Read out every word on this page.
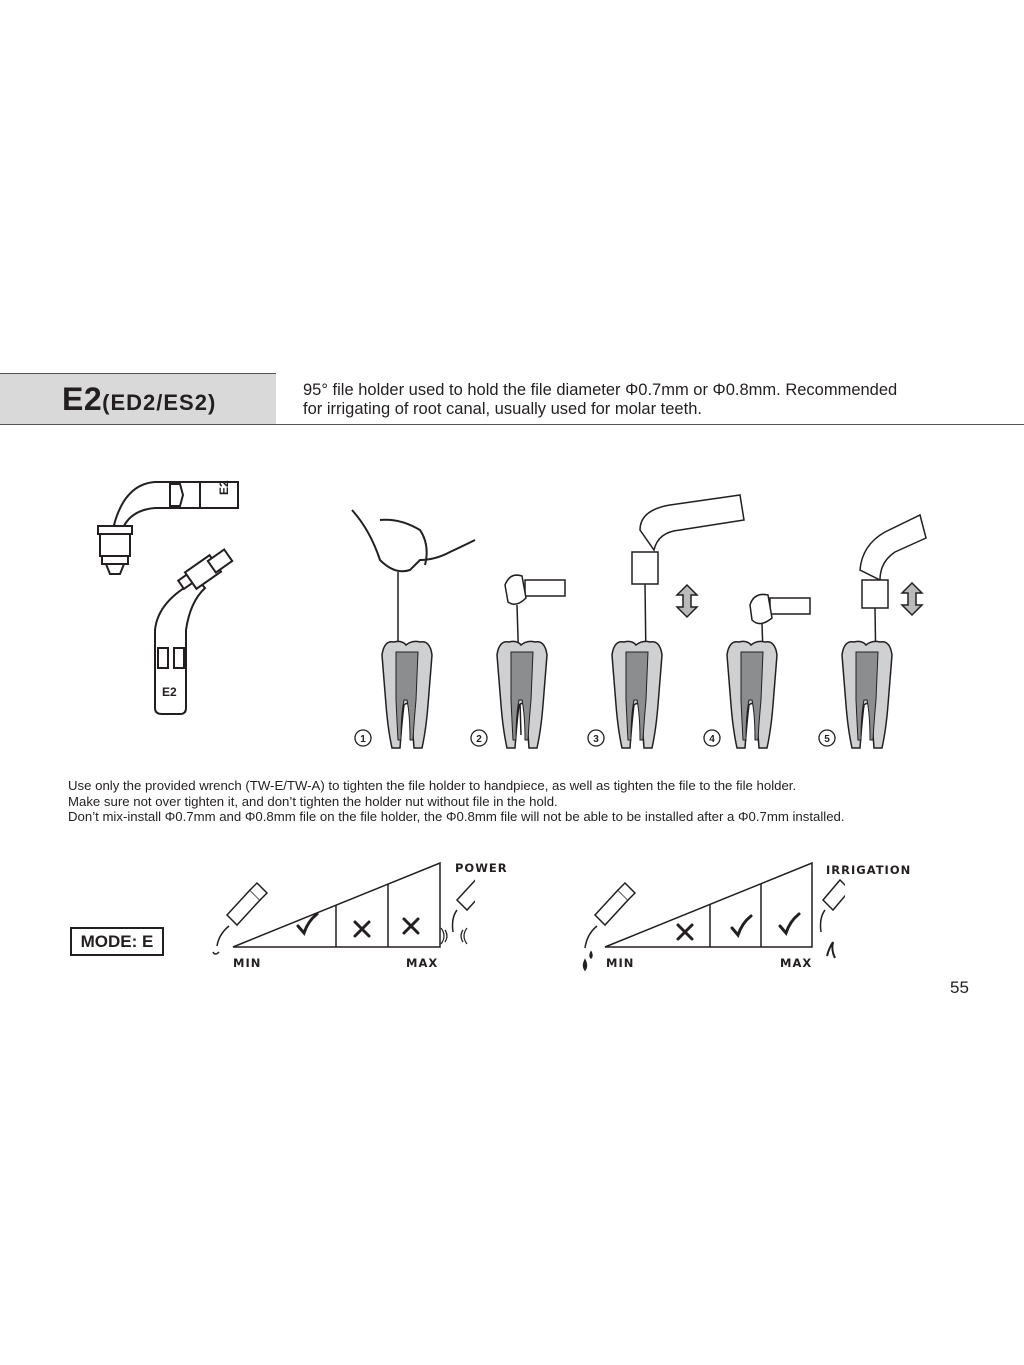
E2(ED2/ES2)	95° file holder used to hold the file diameter Φ0.7mm or Φ0.8mm. Recommended
for irrigating of root canal, usually used for molar teeth.
E2
E2
1	2	3	4	5
Use only the provided wrench (TW-E/TW-A) to tighten the file holder to handpiece, as well as tighten the file to the file holder.
Make sure not over tighten it, and don’t tighten the holder nut without file in the hold.
Don’t mix-install Φ0.7mm and Φ0.8mm file on the file holder, the Φ0.8mm file will not be able to be installed after a Φ0.7mm installed.
MODE: E
POWER
MIN	MAX
IRRIGATION
MIN	MAX
55
